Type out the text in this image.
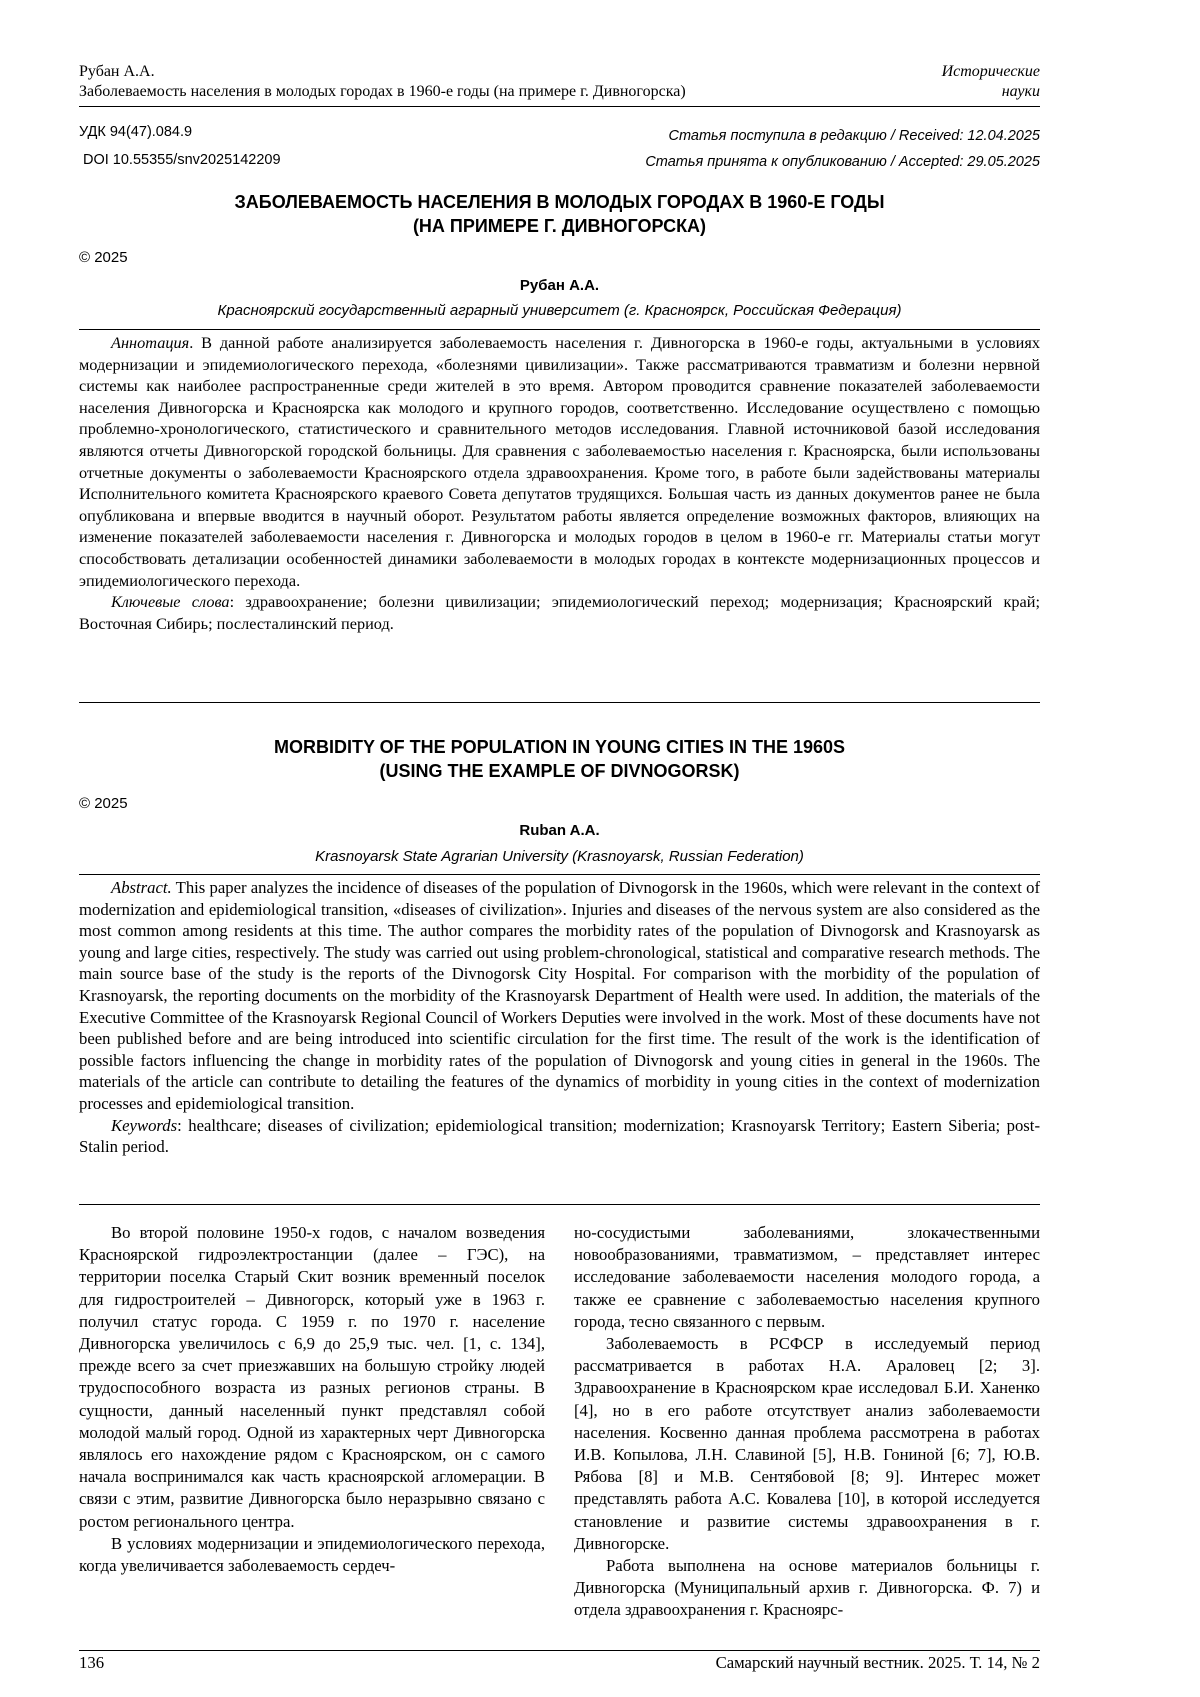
Рубан А.А.
Заболеваемость населения в молодых городах в 1960-е годы (на примере г. Дивногорска)
Исторические
науки
УДК 94(47).084.9
DOI 10.55355/snv2025142209
Статья поступила в редакцию / Received: 12.04.2025
Статья принята к опубликованию / Accepted: 29.05.2025
ЗАБОЛЕВАЕМОСТЬ НАСЕЛЕНИЯ В МОЛОДЫХ ГОРОДАХ В 1960-Е ГОДЫ
(НА ПРИМЕРЕ Г. ДИВНОГОРСКА)
© 2025
Рубан А.А.
Красноярский государственный аграрный университет (г. Красноярск, Российская Федерация)

Аннотация. В данной работе анализируется заболеваемость населения г. Дивногорска в 1960-е годы, актуальными в условиях модернизации и эпидемиологического перехода, «болезнями цивилизации». Также рассматриваются травматизм и болезни нервной системы как наиболее распространенные среди жителей в это время. Автором проводится сравнение показателей заболеваемости населения Дивногорска и Красноярска как молодого и крупного городов, соответственно. Исследование осуществлено с помощью проблемно-хронологического, статистического и сравнительного методов исследования. Главной источниковой базой исследования являются отчеты Дивногорской городской больницы. Для сравнения с заболеваемостью населения г. Красноярска, были использованы отчетные документы о заболеваемости Красноярского отдела здравоохранения. Кроме того, в работе были задействованы материалы Исполнительного комитета Красноярского краевого Совета депутатов трудящихся. Большая часть из данных документов ранее не была опубликована и впервые вводится в научный оборот. Результатом работы является определение возможных факторов, влияющих на изменение показателей заболеваемости населения г. Дивногорска и молодых городов в целом в 1960-е гг. Материалы статьи могут способствовать детализации особенностей динамики заболеваемости в молодых городах в контексте модернизационных процессов и эпидемиологического перехода.

Ключевые слова: здравоохранение; болезни цивилизации; эпидемиологический переход; модернизация; Красноярский край; Восточная Сибирь; послесталинский период.

MORBIDITY OF THE POPULATION IN YOUNG CITIES IN THE 1960S
(USING THE EXAMPLE OF DIVNOGORSK)
© 2025
Ruban A.A.
Krasnoyarsk State Agrarian University (Krasnoyarsk, Russian Federation)

Abstract. This paper analyzes the incidence of diseases of the population of Divnogorsk in the 1960s, which were relevant in the context of modernization and epidemiological transition, «diseases of civilization». Injuries and diseases of the nervous system are also considered as the most common among residents at this time. The author compares the morbidity rates of the population of Divnogorsk and Krasnoyarsk as young and large cities, respectively. The study was carried out using problem-chronological, statistical and comparative research methods. The main source base of the study is the reports of the Divnogorsk City Hospital. For comparison with the morbidity of the population of Krasnoyarsk, the reporting documents on the morbidity of the Krasnoyarsk Department of Health were used. In addition, the materials of the Executive Committee of the Krasnoyarsk Regional Council of Workers Deputies were involved in the work. Most of these documents have not been published before and are being introduced into scientific circulation for the first time. The result of the work is the identification of possible factors influencing the change in morbidity rates of the population of Divnogorsk and young cities in general in the 1960s. The materials of the article can contribute to detailing the features of the dynamics of morbidity in young cities in the context of modernization processes and epidemiological transition.

Keywords: healthcare; diseases of civilization; epidemiological transition; modernization; Krasnoyarsk Territory; Eastern Siberia; post-Stalin period.

Во второй половине 1950-х годов, с началом возведения Красноярской гидроэлектростанции (далее – ГЭС), на территории поселка Старый Скит возник временный поселок для гидростроителей – Дивногорск, который уже в 1963 г. получил статус города. С 1959 г. по 1970 г. население Дивногорска увеличилось с 6,9 до 25,9 тыс. чел. [1, с. 134], прежде всего за счет приезжавших на большую стройку людей трудоспособного возраста из разных регионов страны. В сущности, данный населенный пункт представлял собой молодой малый город. Одной из характерных черт Дивногорска являлось его нахождение рядом с Красноярском, он с самого начала воспринимался как часть красноярской агломерации. В связи с этим, развитие Дивногорска было неразрывно связано с ростом регионального центра.

В условиях модернизации и эпидемиологического перехода, когда увеличивается заболеваемость сердеч-

но-сосудистыми заболеваниями, злокачественными новообразованиями, травматизмом, – представляет интерес исследование заболеваемости населения молодого города, а также ее сравнение с заболеваемостью населения крупного города, тесно связанного с первым.

Заболеваемость в РСФСР в исследуемый период рассматривается в работах Н.А. Араловец [2; 3]. Здравоохранение в Красноярском крае исследовал Б.И. Ханенко [4], но в его работе отсутствует анализ заболеваемости населения. Косвенно данная проблема рассмотрена в работах И.В. Копылова, Л.Н. Славиной [5], Н.В. Гониной [6; 7], Ю.В. Рябова [8] и М.В. Сентябовой [8; 9]. Интерес может представлять работа А.С. Ковалева [10], в которой исследуется становление и развитие системы здравоохранения в г. Дивногорске.

Работа выполнена на основе материалов больницы г. Дивногорска (Муниципальный архив г. Дивногорска. Ф. 7) и отдела здравоохранения г. Красноярс-

136	Самарский научный вестник. 2025. Т. 14, № 2
